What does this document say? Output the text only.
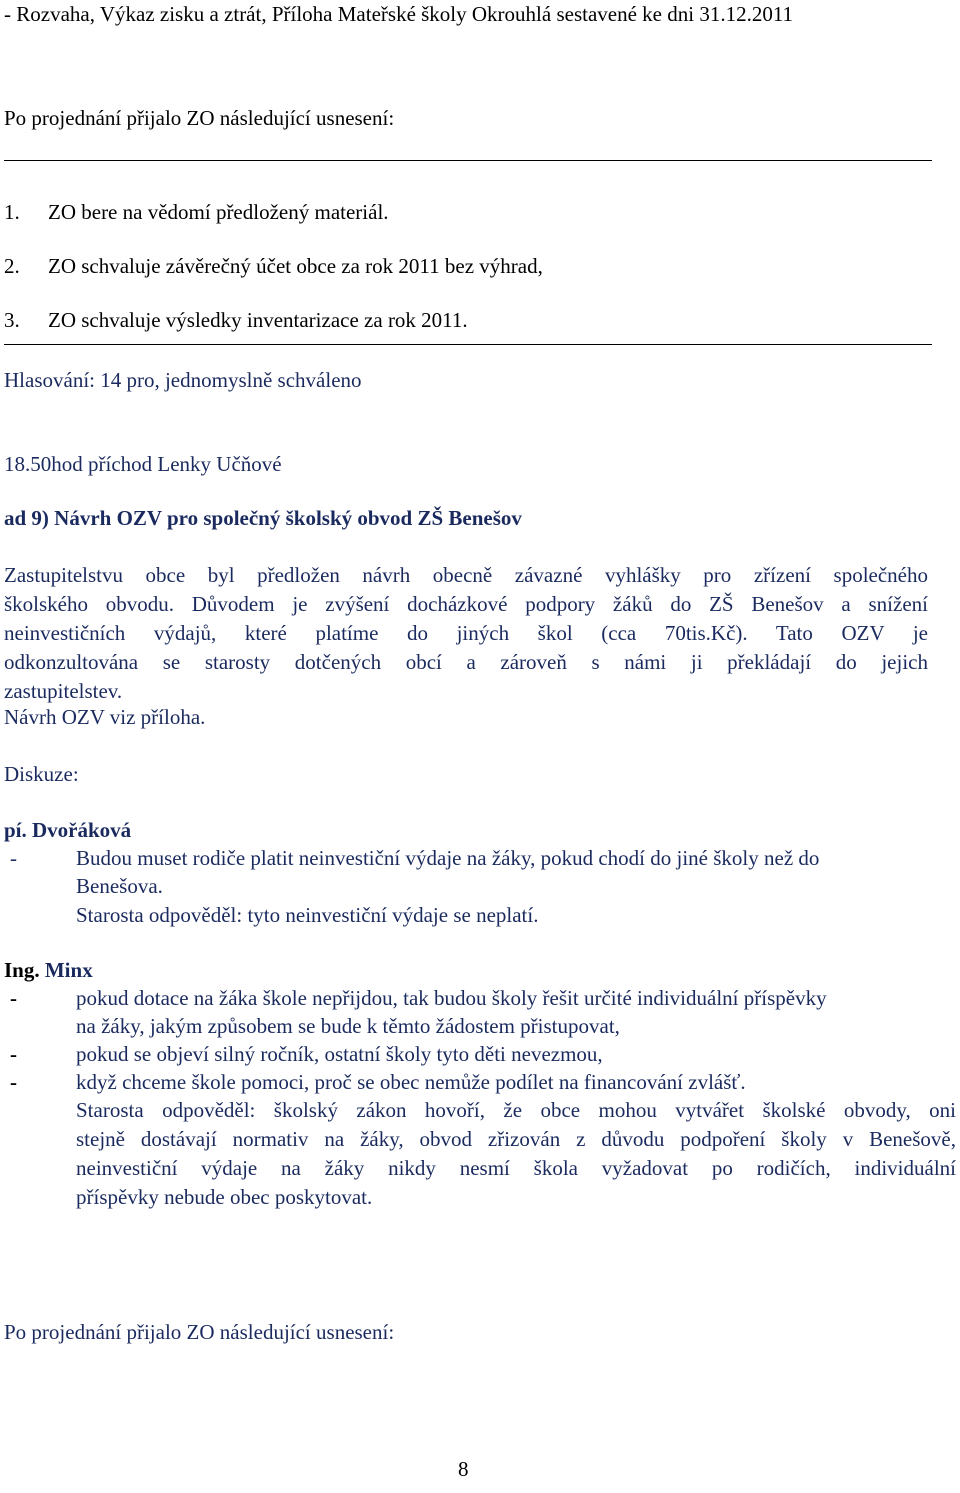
- Rozvaha, Výkaz zisku a ztrát, Příloha Mateřské školy Okrouhlá sestavené ke dni 31.12.2011
Po projednání přijalo ZO následující usnesení:
1. ZO bere na vědomí předložený materiál.
2. ZO schvaluje závěrečný účet obce za rok 2011 bez výhrad,
3. ZO schvaluje výsledky inventarizace za rok 2011.
Hlasování: 14 pro, jednomyslně schváleno
18.50hod příchod Lenky Učňové
ad 9) Návrh OZV pro společný školský obvod ZŠ Benešov
Zastupitelstvu obce byl předložen návrh obecně závazné vyhlášky pro zřízení společného
školského obvodu. Důvodem je zvýšení docházkové podpory žáků do ZŠ Benešov a snížení
neinvestičních výdajů, které platíme do jiných škol (cca 70tis.Kč). Tato OZV je
odkonzultována se starosty dotčených obcí a zároveň s námi ji překládají do jejich
zastupitelstev.
Návrh OZV viz příloha.
Diskuze:
pí. Dvořáková
-	Budou muset rodiče platit neinvestiční výdaje na žáky, pokud chodí do jiné školy než do
Benešova.
Starosta odpověděl: tyto neinvestiční výdaje se neplatí.
Ing. Minx
-	pokud dotace na žáka škole nepřijdou, tak budou školy řešit určité individuální příspěvky
na žáky, jakým způsobem se bude k těmto žádostem přistupovat,
-	pokud se objeví silný ročník, ostatní školy tyto děti nevezmou,
-	když chceme škole pomoci, proč se obec nemůže podílet na financování zvlášť.
Starosta odpověděl: školský zákon hovoří, že obce mohou vytvářet školské obvody, oni
stejně dostávají normativ na žáky, obvod zřizován z důvodu podpoření školy v Benešově,
neinvestiční výdaje na žáky nikdy nesmí škola vyžadovat po rodičích, individuální
příspěvky nebude obec poskytovat.
Po projednání přijalo ZO následující usnesení:
8
